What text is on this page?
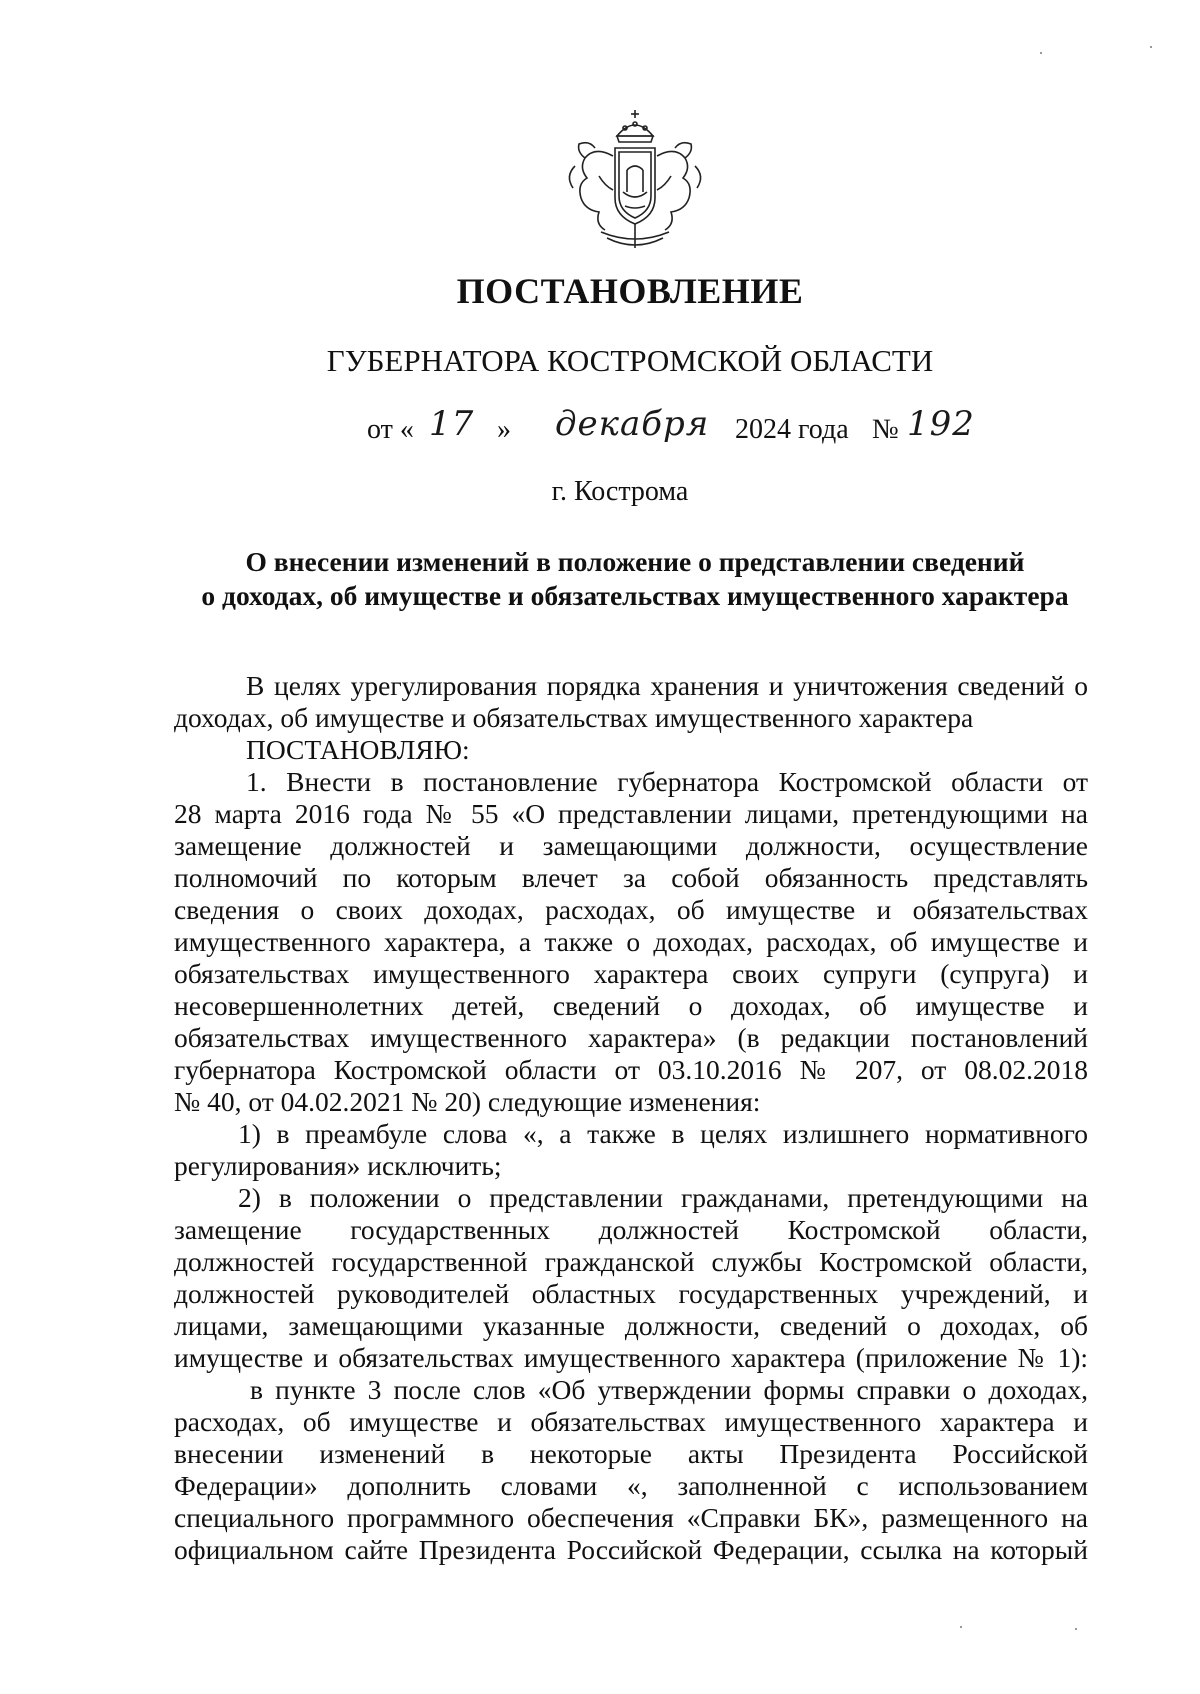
ПОСТАНОВЛЕНИЕ
ГУБЕРНАТОРА КОСТРОМСКОЙ ОБЛАСТИ
от « 17 » декабря 2024 года № 192
г. Кострома
О внесении изменений в положение о представлении сведений
о доходах, об имуществе и обязательствах имущественного характера
В целях урегулирования порядка хранения и уничтожения сведений о
доходах, об имуществе и обязательствах имущественного характера
ПОСТАНОВЛЯЮ:
1. Внести в постановление губернатора Костромской области от
28 марта 2016 года № 55 «О представлении лицами, претендующими на
замещение должностей и замещающими должности, осуществление
полномочий по которым влечет за собой обязанность представлять
сведения о своих доходах, расходах, об имуществе и обязательствах
имущественного характера, а также о доходах, расходах, об имуществе и
обязательствах имущественного характера своих супруги (супруга) и
несовершеннолетних детей, сведений о доходах, об имуществе и
обязательствах имущественного характера» (в редакции постановлений
губернатора Костромской области от 03.10.2016 № 207, от 08.02.2018
№ 40, от 04.02.2021 № 20) следующие изменения:
1) в преамбуле слова «, а также в целях излишнего нормативного
регулирования» исключить;
2) в положении о представлении гражданами, претендующими на
замещение государственных должностей Костромской области,
должностей государственной гражданской службы Костромской области,
должностей руководителей областных государственных учреждений, и
лицами, замещающими указанные должности, сведений о доходах, об
имуществе и обязательствах имущественного характера (приложение № 1):
в пункте 3 после слов «Об утверждении формы справки о доходах,
расходах, об имуществе и обязательствах имущественного характера и
внесении изменений в некоторые акты Президента Российской
Федерации» дополнить словами «, заполненной с использованием
специального программного обеспечения «Справки БК», размещенного на
официальном сайте Президента Российской Федерации, ссылка на который
